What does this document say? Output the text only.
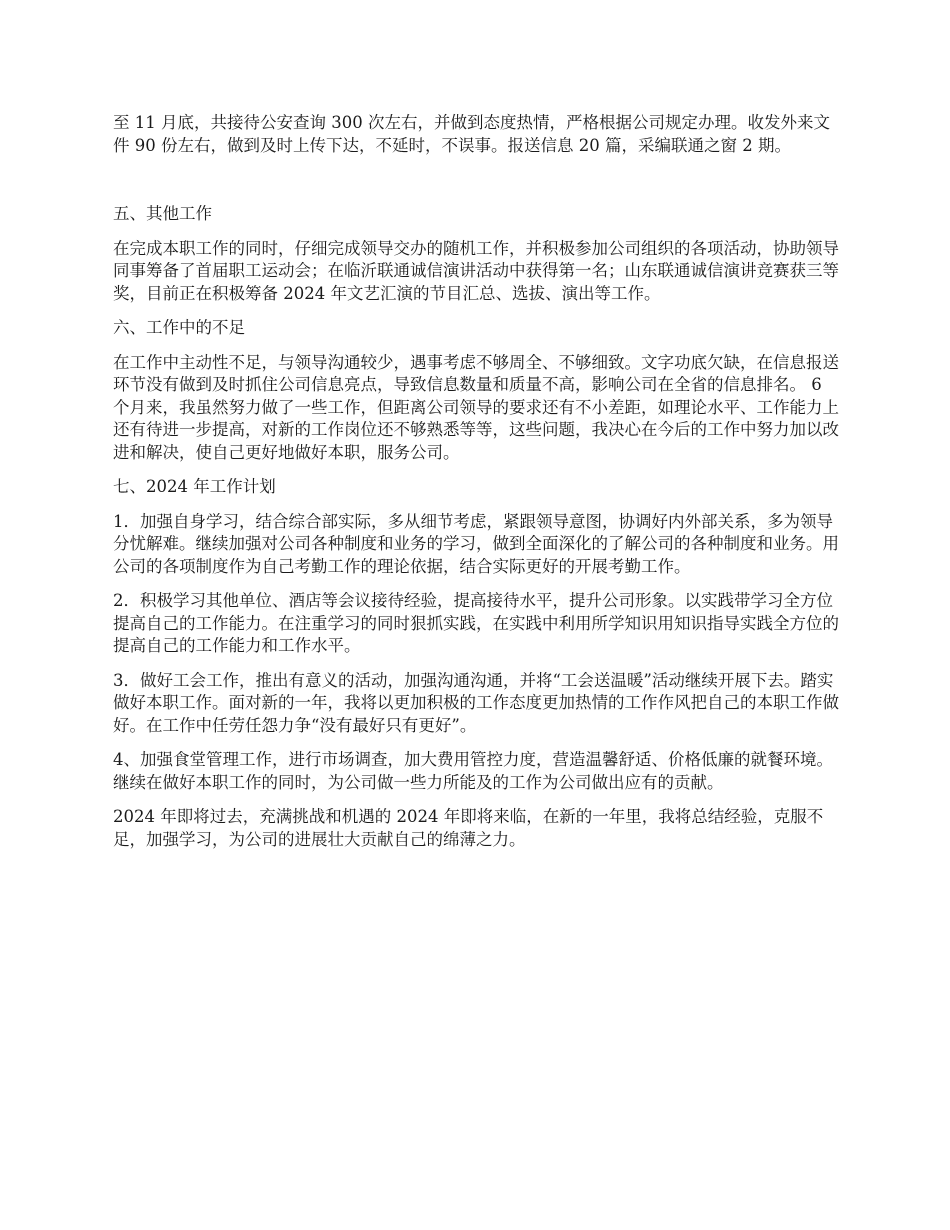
至 11 月底，共接待公安查询 300 次左右，并做到态度热情，严格根据公司规定办理。收发外来文件 90 份左右，做到及时上传下达，不延时，不误事。报送信息 20 篇，采编联通之窗 2 期。

五、其他工作

在完成本职工作的同时，仔细完成领导交办的随机工作，并积极参加公司组织的各项活动，协助领导同事筹备了首届职工运动会；在临沂联通诚信演讲活动中获得第一名；山东联通诚信演讲竞赛获三等奖，目前正在积极筹备 2024 年文艺汇演的节目汇总、选拔、演出等工作。

六、工作中的不足

在工作中主动性不足，与领导沟通较少，遇事考虑不够周全、不够细致。文字功底欠缺，在信息报送环节没有做到及时抓住公司信息亮点，导致信息数量和质量不高，影响公司在全省的信息排名。 6 个月来，我虽然努力做了一些工作，但距离公司领导的要求还有不小差距，如理论水平、工作能力上还有待进一步提高，对新的工作岗位还不够熟悉等等，这些问题，我决心在今后的工作中努力加以改进和解决，使自己更好地做好本职，服务公司。

七、2024 年工作计划

1．加强自身学习，结合综合部实际，多从细节考虑，紧跟领导意图，协调好内外部关系，多为领导分忧解难。继续加强对公司各种制度和业务的学习，做到全面深化的了解公司的各种制度和业务。用公司的各项制度作为自己考勤工作的理论依据，结合实际更好的开展考勤工作。

2．积极学习其他单位、酒店等会议接待经验，提高接待水平，提升公司形象。以实践带学习全方位提高自己的工作能力。在注重学习的同时狠抓实践，在实践中利用所学知识用知识指导实践全方位的提高自己的工作能力和工作水平。

3．做好工会工作，推出有意义的活动，加强沟通沟通，并将“工会送温暖”活动继续开展下去。踏实做好本职工作。面对新的一年，我将以更加积极的工作态度更加热情的工作作风把自己的本职工作做好。在工作中任劳任怨力争“没有最好只有更好”。

4、加强食堂管理工作，进行市场调查，加大费用管控力度，营造温馨舒适、价格低廉的就餐环境。继续在做好本职工作的同时，为公司做一些力所能及的工作为公司做出应有的贡献。

2024 年即将过去，充满挑战和机遇的 2024 年即将来临，在新的一年里，我将总结经验，克服不足，加强学习，为公司的进展壮大贡献自己的绵薄之力。
